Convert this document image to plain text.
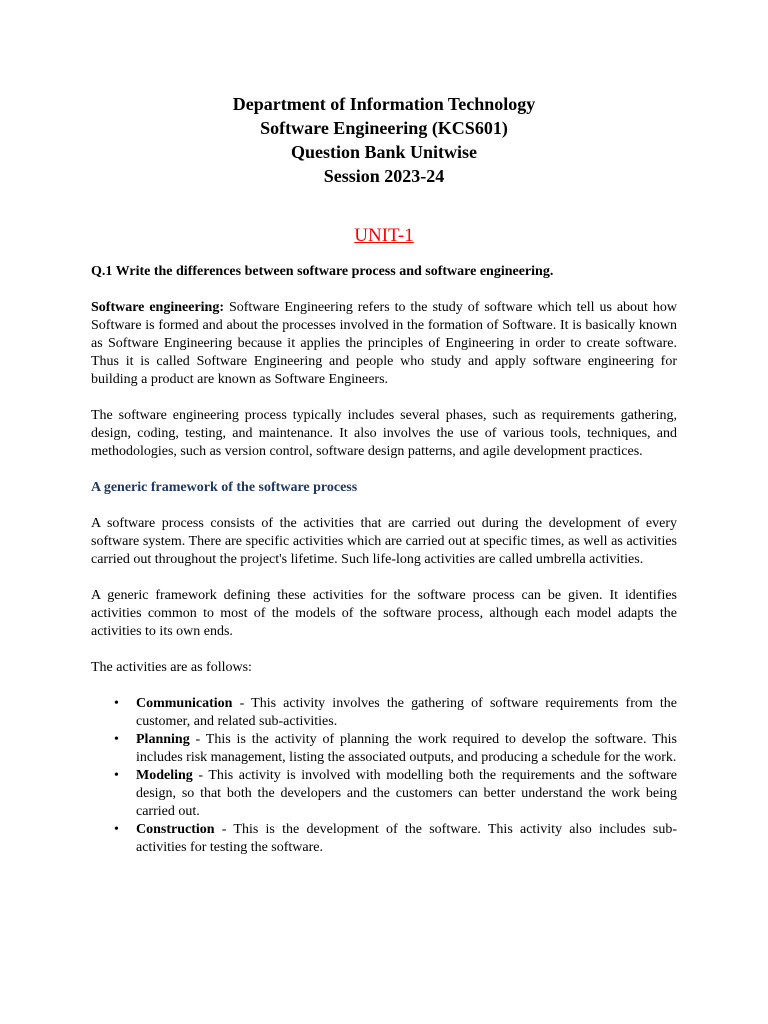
Department of Information Technology
Software Engineering (KCS601)
Question Bank Unitwise
Session 2023-24
UNIT-1
Q.1 Write the differences between software process and software engineering.
Software engineering: Software Engineering refers to the study of software which tell us about how Software is formed and about the processes involved in the formation of Software. It is basically known as Software Engineering because it applies the principles of Engineering in order to create software. Thus it is called Software Engineering and people who study and apply software engineering for building a product are known as Software Engineers.
The software engineering process typically includes several phases, such as requirements gathering, design, coding, testing, and maintenance. It also involves the use of various tools, techniques, and methodologies, such as version control, software design patterns, and agile development practices.
A generic framework of the software process
A software process consists of the activities that are carried out during the development of every software system. There are specific activities which are carried out at specific times, as well as activities carried out throughout the project's lifetime. Such life-long activities are called umbrella activities.
A generic framework defining these activities for the software process can be given. It identifies activities common to most of the models of the software process, although each model adapts the activities to its own ends.
The activities are as follows:
• Communication - This activity involves the gathering of software requirements from the customer, and related sub-activities.
• Planning - This is the activity of planning the work required to develop the software. This includes risk management, listing the associated outputs, and producing a schedule for the work.
• Modeling - This activity is involved with modelling both the requirements and the software design, so that both the developers and the customers can better understand the work being carried out.
• Construction - This is the development of the software. This activity also includes sub-activities for testing the software.
